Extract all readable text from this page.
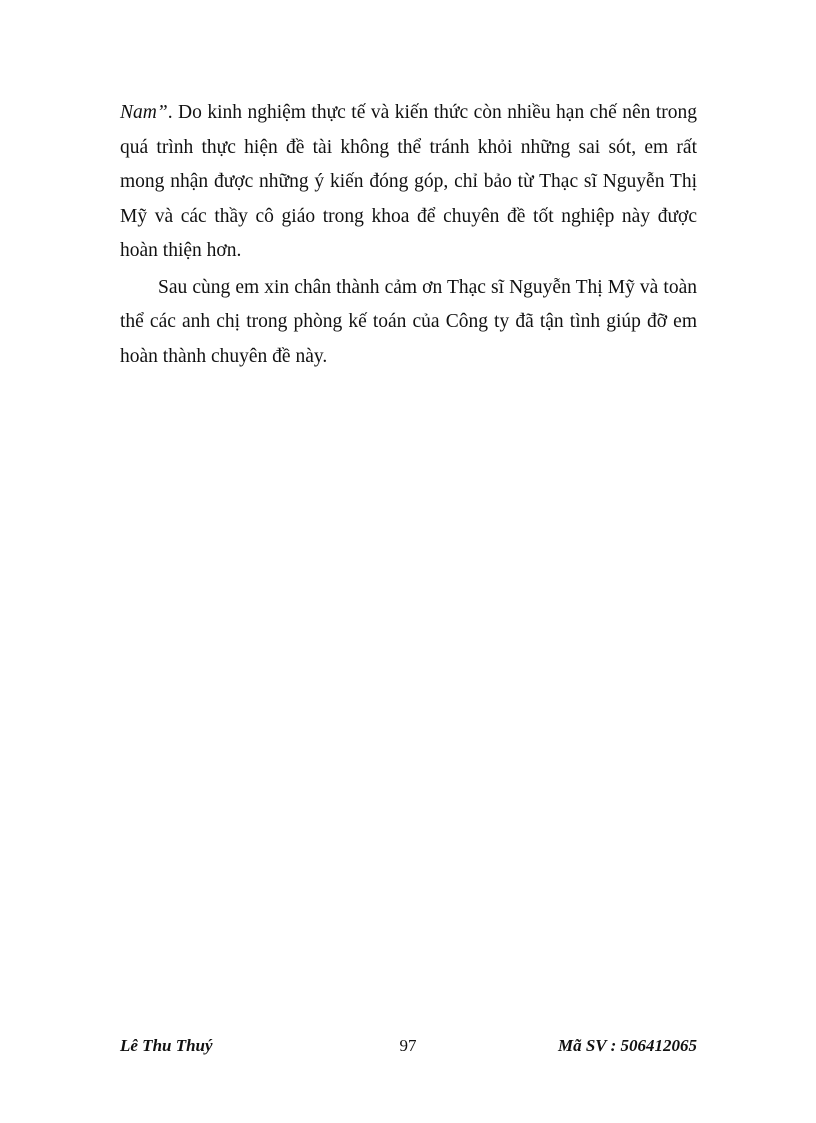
Nam”. Do kinh nghiệm thực tế và kiến thức còn nhiều hạn chế nên trong quá trình thực hiện đề tài không thể tránh khỏi những sai sót, em rất mong nhận được những ý kiến đóng góp, chỉ bảo từ Thạc sĩ Nguyễn Thị Mỹ và các thầy cô giáo trong khoa để chuyên đề tốt nghiệp này được hoàn thiện hơn.

Sau cùng em xin chân thành cảm ơn Thạc sĩ Nguyễn Thị Mỹ và toàn thể các anh chị trong phòng kế toán của Công ty đã tận tình giúp đỡ em hoàn thành chuyên đề này.

Lê Thu Thuý	97	Mã SV : 506412065
